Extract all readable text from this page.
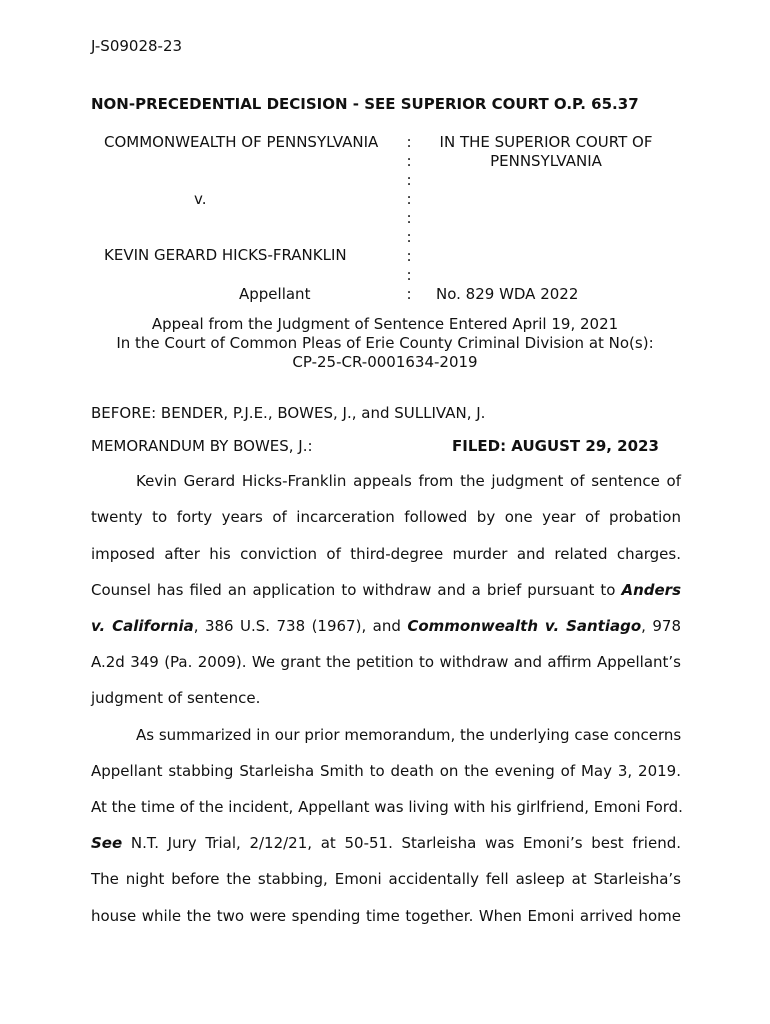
J-S09028-23
NON-PRECEDENTIAL DECISION - SEE SUPERIOR COURT O.P. 65.37
COMMONWEALTH OF PENNSYLVANIA
v.
KEVIN GERARD HICKS-FRANKLIN
Appellant
:
:
:
:
:
:
:
:
:
IN THE SUPERIOR COURT OF
PENNSYLVANIA
No. 829 WDA 2022
Appeal from the Judgment of Sentence Entered April 19, 2021
In the Court of Common Pleas of Erie County Criminal Division at No(s):
CP-25-CR-0001634-2019
BEFORE: BENDER, P.J.E., BOWES, J., and SULLIVAN, J.
MEMORANDUM BY BOWES, J.:	FILED: AUGUST 29, 2023
Kevin Gerard Hicks-Franklin appeals from the judgment of sentence of
twenty to forty years of incarceration followed by one year of probation
imposed after his conviction of third-degree murder and related charges.
Counsel has filed an application to withdraw and a brief pursuant to Anders
v. California, 386 U.S. 738 (1967), and Commonwealth v. Santiago, 978
A.2d 349 (Pa. 2009). We grant the petition to withdraw and affirm Appellant’s
judgment of sentence.
As summarized in our prior memorandum, the underlying case concerns
Appellant stabbing Starleisha Smith to death on the evening of May 3, 2019.
At the time of the incident, Appellant was living with his girlfriend, Emoni Ford.
See N.T. Jury Trial, 2/12/21, at 50-51. Starleisha was Emoni’s best friend.
The night before the stabbing, Emoni accidentally fell asleep at Starleisha’s
house while the two were spending time together. When Emoni arrived home
